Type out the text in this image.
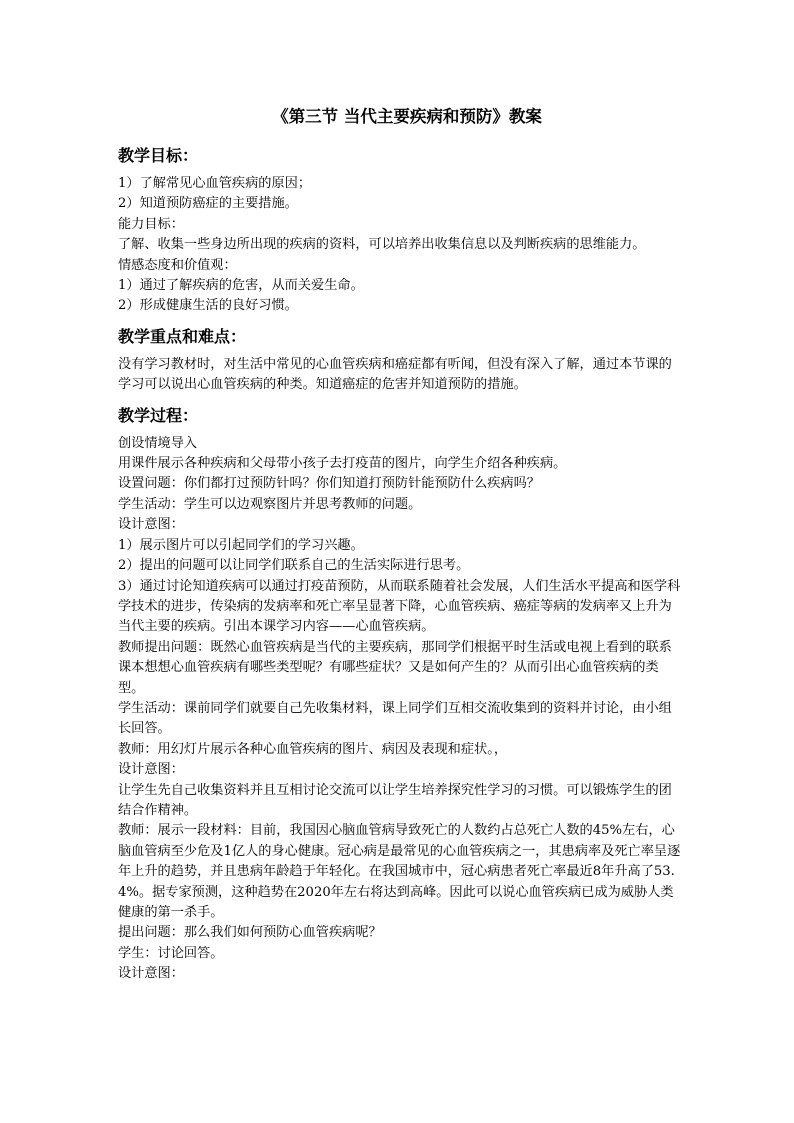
《第三节 当代主要疾病和预防》教案
教学目标：

1）了解常见心血管疾病的原因；

2）知道预防癌症的主要措施。

能力目标：

了解、收集一些身边所出现的疾病的资料，可以培养出收集信息以及判断疾病的思维能力。

情感态度和价值观：

1）通过了解疾病的危害，从而关爱生命。

2）形成健康生活的良好习惯。

教学重点和难点：

没有学习教材时，对生活中常见的心血管疾病和癌症都有听闻，但没有深入了解，通过本节课的学习可以说出心血管疾病的种类。知道癌症的危害并知道预防的措施。

教学过程：

创设情境导入

用课件展示各种疾病和父母带小孩子去打疫苗的图片，向学生介绍各种疾病。

设置问题：你们都打过预防针吗？你们知道打预防针能预防什么疾病吗？

学生活动：学生可以边观察图片并思考教师的问题。

设计意图：

1）展示图片可以引起同学们的学习兴趣。

2）提出的问题可以让同学们联系自己的生活实际进行思考。

3）通过讨论知道疾病可以通过打疫苗预防，从而联系随着社会发展，人们生活水平提高和医学科学技术的进步，传染病的发病率和死亡率呈显著下降，心血管疾病、癌症等病的发病率又上升为当代主要的疾病。引出本课学习内容——心血管疾病。

教师提出问题：既然心血管疾病是当代的主要疾病，那同学们根据平时生活或电视上看到的联系课本想想心血管疾病有哪些类型呢？有哪些症状？又是如何产生的？从而引出心血管疾病的类型。

学生活动：课前同学们就要自己先收集材料，课上同学们互相交流收集到的资料并讨论，由小组长回答。

教师：用幻灯片展示各种心血管疾病的图片、病因及表现和症状。，

设计意图：

让学生先自己收集资料并且互相讨论交流可以让学生培养探究性学习的习惯。可以锻炼学生的团结合作精神。

教师：展示一段材料：目前，我国因心脑血管病导致死亡的人数约占总死亡人数的45%左右，心脑血管病至少危及1亿人的身心健康。冠心病是最常见的心血管疾病之一，其患病率及死亡率呈逐年上升的趋势，并且患病年龄趋于年轻化。在我国城市中，冠心病患者死亡率最近8年升高了53.4%。据专家预测，这种趋势在2020年左右将达到高峰。因此可以说心血管疾病已成为威胁人类健康的第一杀手。

提出问题：那么我们如何预防心血管疾病呢？

学生：讨论回答。

设计意图：
